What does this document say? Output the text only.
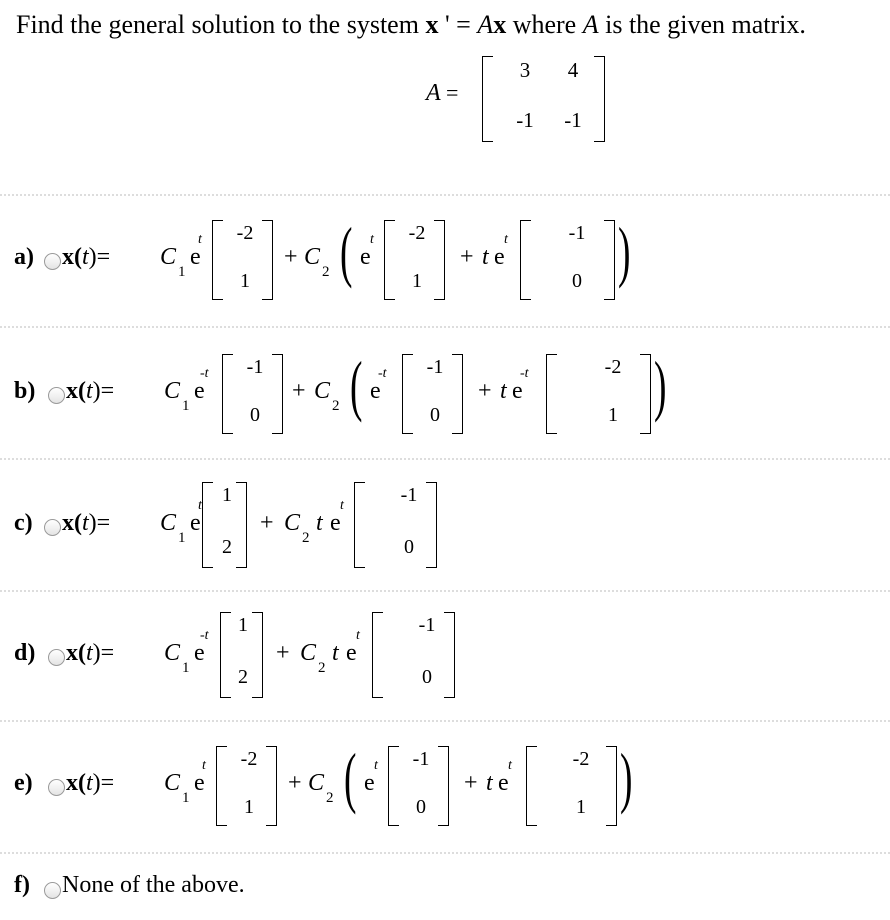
Find the general solution to the system x ' = Ax where A is the given matrix.
A =
3	4
-1	-1
a) x(t)= C
1
e
t	-2
1
+ C
2 ( e
t	-2
1
+ t e
t	-1
0 )
b) x(t)= C
1
e
-t	-1
0
+ C
2 ( e
-t	-1
0
+ t e
-t	-2
1 )
c) x(t)= C
1
e
t	1
2
+ C
2
t e
t	-1
0
d) x(t)= C
1
e
-t	1
2
+ C
2
t e
t	-1
0
e) x(t)= C
1
e
t	-2
1
+ C
2 ( e
t	-1
0
+ t e
t	-2
1 )
f) None of the above.
